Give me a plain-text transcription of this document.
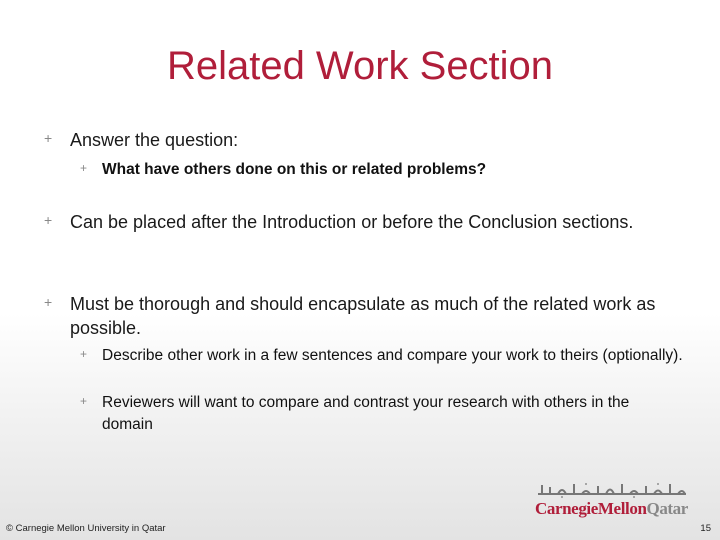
Related Work Section
+ Answer the question:
+ What have others done on this or related problems?
+ Can be placed after the Introduction or before the Conclusion sections.
+ Must be thorough and should encapsulate as much of the related work as possible.
+ Describe other work in a few sentences and compare your work to theirs (optionally).
+ Reviewers will want to compare and contrast your research with others in the domain
CarnegieMellonQatar
© Carnegie Mellon University in Qatar	15
